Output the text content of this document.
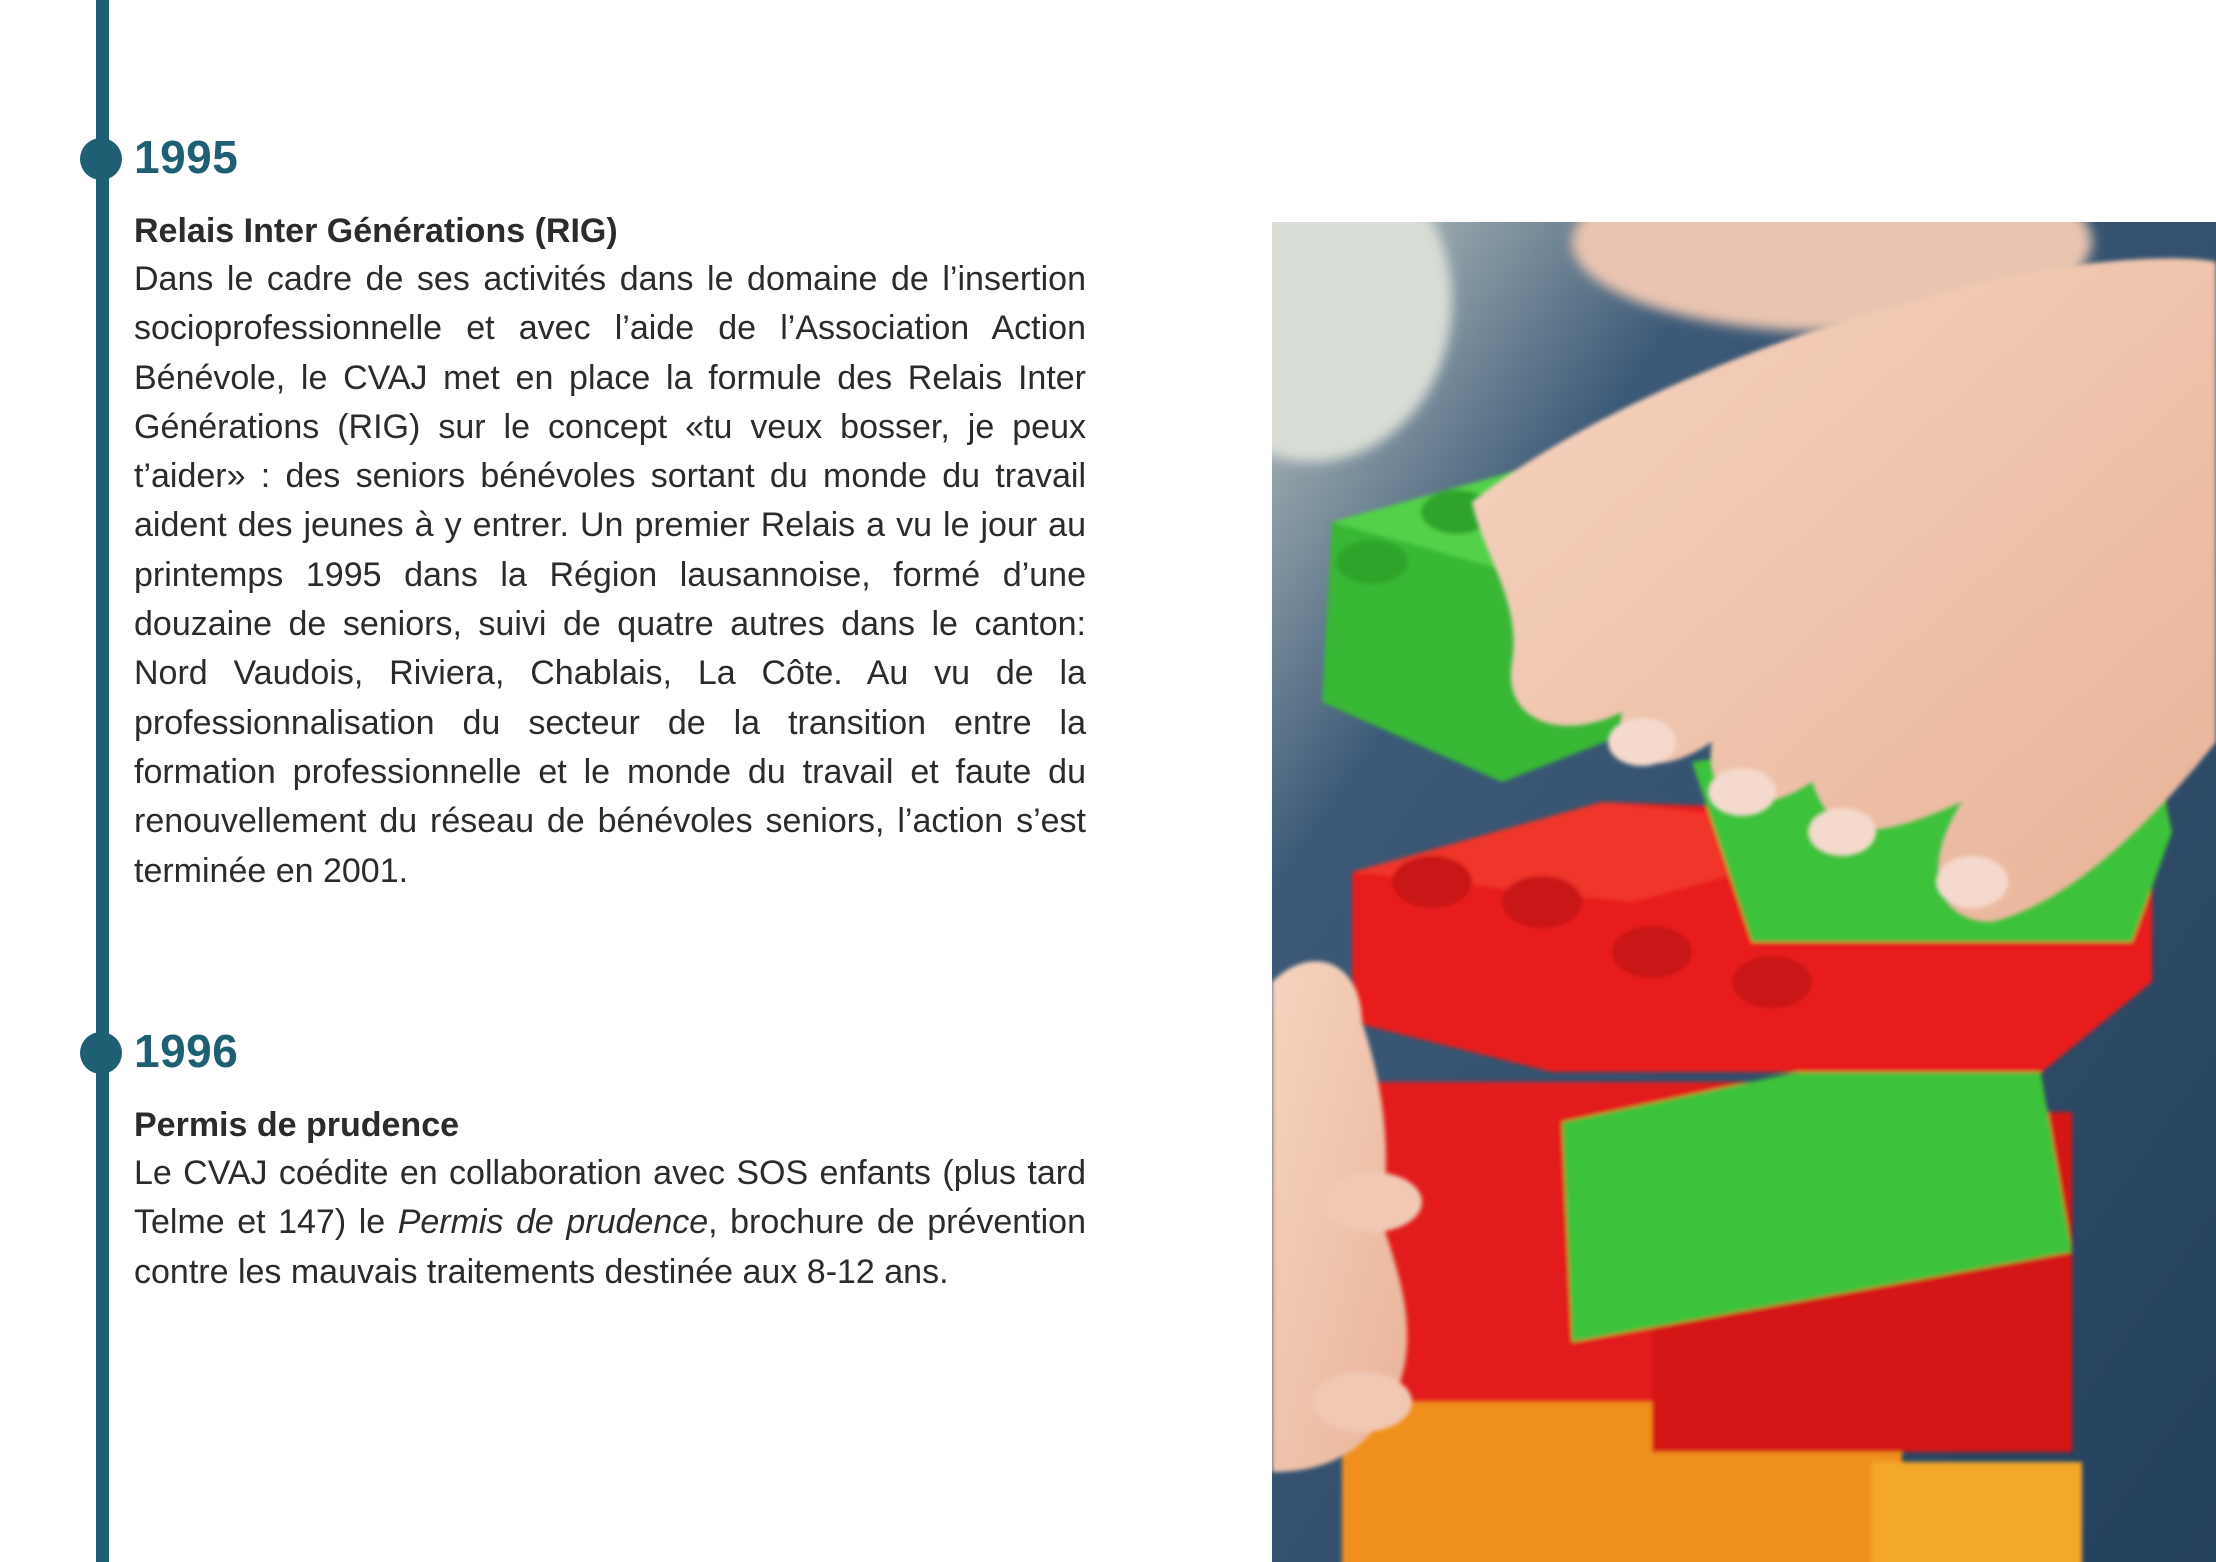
1995
Relais Inter Générations (RIG)

Dans le cadre de ses activités dans le domaine de l’insertion socioprofessionnelle et avec l’aide de l’Association Action Bénévole, le CVAJ met en place la formule des Relais Inter Générations (RIG) sur le concept «tu veux bosser, je peux t’aider» : des seniors bénévoles sortant du monde du travail aident des jeunes à y entrer. Un premier Relais a vu le jour au printemps 1995 dans la Région lausannoise, formé d’une douzaine de seniors, suivi de quatre autres dans le canton: Nord Vaudois, Riviera, Chablais, La Côte. Au vu de la professionnalisation du secteur de la transition entre la formation professionnelle et le monde du travail et faute du renouvellement du réseau de bénévoles seniors, l’action s’est terminée en 2001.

1996
Permis de prudence

Le CVAJ coédite en collaboration avec SOS enfants (plus tard Telme et 147) le Permis de prudence, brochure de prévention contre les mauvais traitements destinée aux 8-12 ans.
